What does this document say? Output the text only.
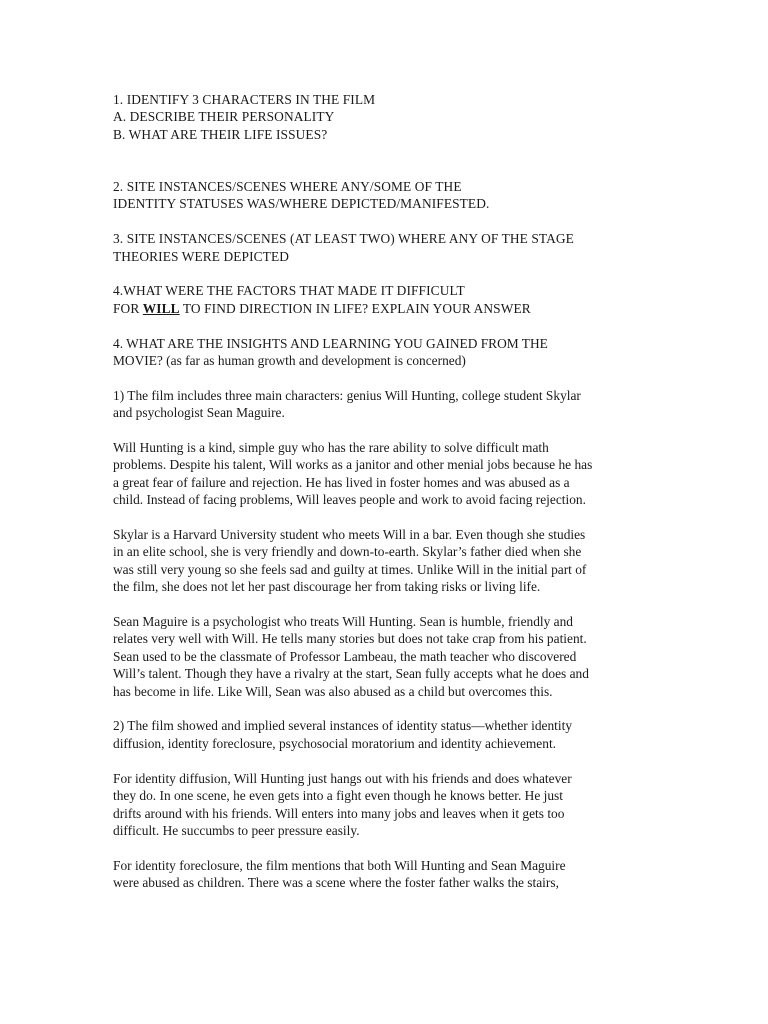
1. IDENTIFY 3 CHARACTERS IN THE FILM
A. DESCRIBE THEIR PERSONALITY
B. WHAT ARE THEIR LIFE ISSUES?
2. SITE INSTANCES/SCENES WHERE ANY/SOME OF THE
IDENTITY STATUSES WAS/WHERE DEPICTED/MANIFESTED.
3. SITE INSTANCES/SCENES (AT LEAST TWO) WHERE ANY OF THE STAGE
THEORIES WERE DEPICTED
4.WHAT WERE THE FACTORS THAT MADE IT DIFFICULT
FOR WILL TO FIND DIRECTION IN LIFE? EXPLAIN YOUR ANSWER
4. WHAT ARE THE INSIGHTS AND LEARNING YOU GAINED FROM THE
MOVIE? (as far as human growth and development is concerned)
1) The film includes three main characters: genius Will Hunting, college student Skylar
and psychologist Sean Maguire.
Will Hunting is a kind, simple guy who has the rare ability to solve difficult math
problems. Despite his talent, Will works as a janitor and other menial jobs because he has
a great fear of failure and rejection. He has lived in foster homes and was abused as a
child. Instead of facing problems, Will leaves people and work to avoid facing rejection.
Skylar is a Harvard University student who meets Will in a bar. Even though she studies
in an elite school, she is very friendly and down-to-earth. Skylar’s father died when she
was still very young so she feels sad and guilty at times. Unlike Will in the initial part of
the film, she does not let her past discourage her from taking risks or living life.
Sean Maguire is a psychologist who treats Will Hunting. Sean is humble, friendly and
relates very well with Will. He tells many stories but does not take crap from his patient.
Sean used to be the classmate of Professor Lambeau, the math teacher who discovered
Will’s talent. Though they have a rivalry at the start, Sean fully accepts what he does and
has become in life. Like Will, Sean was also abused as a child but overcomes this.
2) The film showed and implied several instances of identity status—whether identity
diffusion, identity foreclosure, psychosocial moratorium and identity achievement.
For identity diffusion, Will Hunting just hangs out with his friends and does whatever
they do. In one scene, he even gets into a fight even though he knows better. He just
drifts around with his friends. Will enters into many jobs and leaves when it gets too
difficult. He succumbs to peer pressure easily.
For identity foreclosure, the film mentions that both Will Hunting and Sean Maguire
were abused as children. There was a scene where the foster father walks the stairs,
